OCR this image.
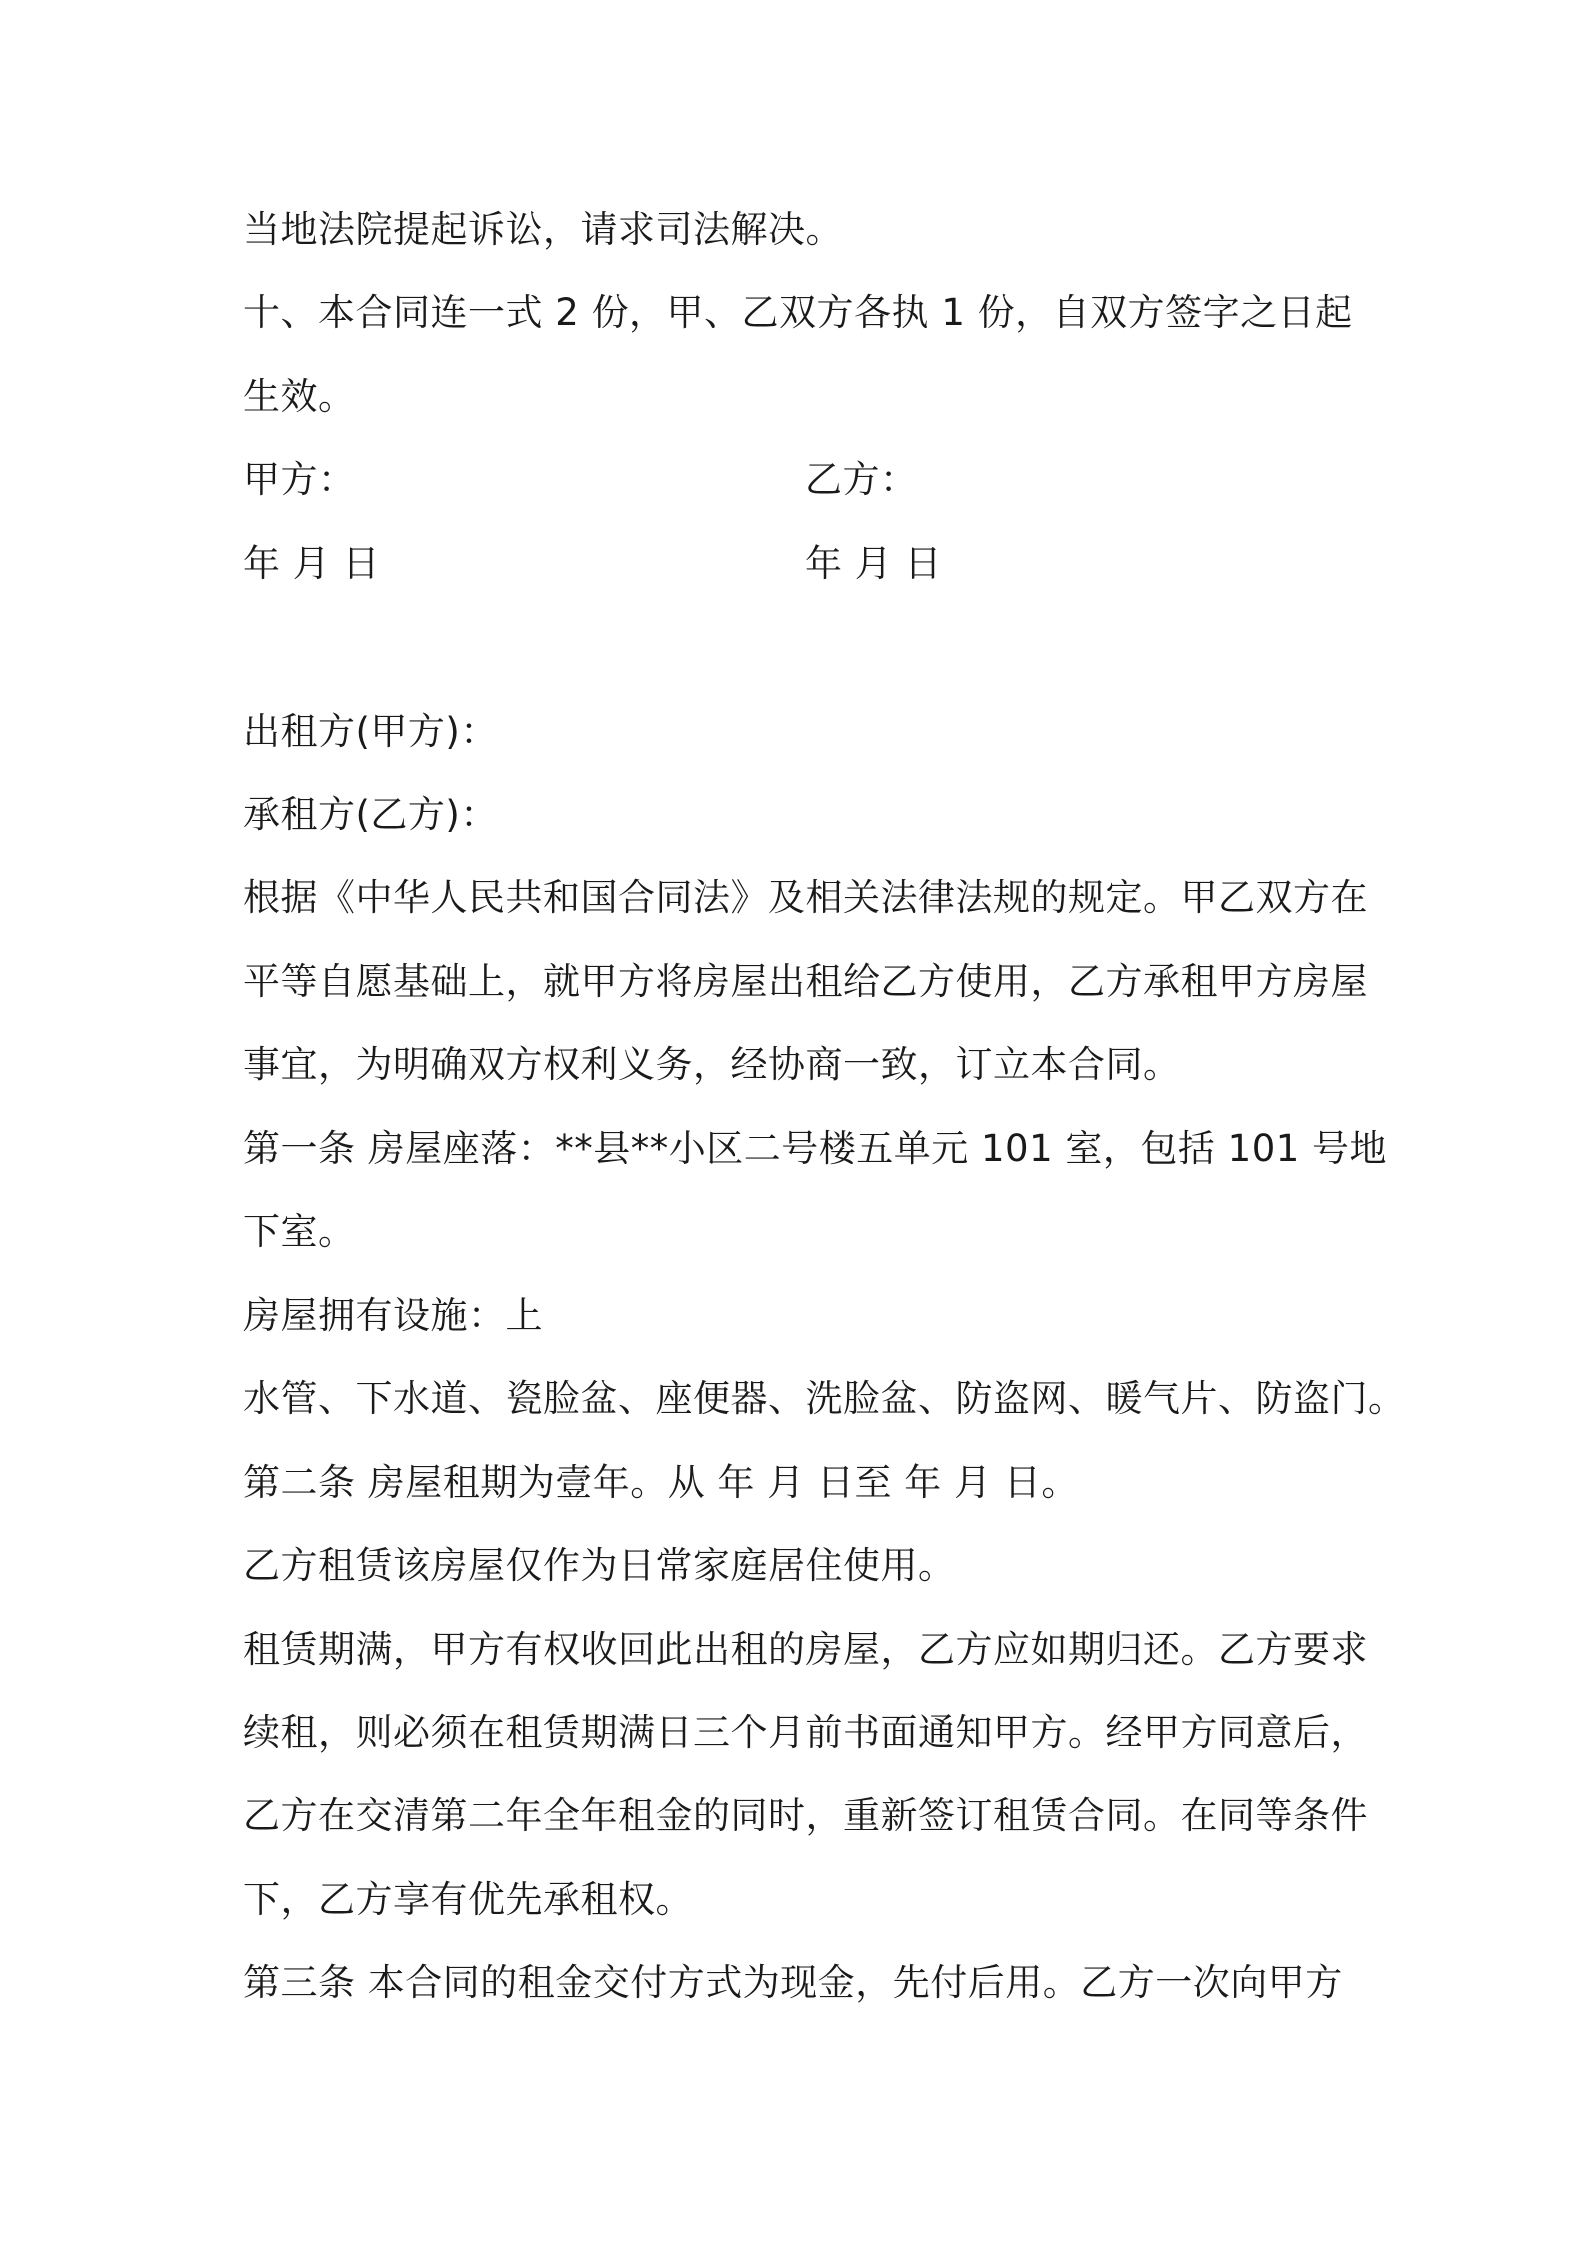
当地法院提起诉讼，请求司法解决。
十、本合同连一式 2 份，甲、乙双方各执 1 份，自双方签字之日起
生效。
甲方：	乙方：
年 月 日	年 月 日
出租方(甲方)：
承租方(乙方)：
根据《中华人民共和国合同法》及相关法律法规的规定。甲乙双方在
平等自愿基础上，就甲方将房屋出租给乙方使用，乙方承租甲方房屋
事宜，为明确双方权利义务，经协商一致，订立本合同。
第一条 房屋座落：**县**小区二号楼五单元 101 室，包括 101 号地
下室。
房屋拥有设施：上
水管、下水道、瓷脸盆、座便器、洗脸盆、防盗网、暖气片、防盗门。
第二条 房屋租期为壹年。从 年 月 日至 年 月 日。
乙方租赁该房屋仅作为日常家庭居住使用。
租赁期满，甲方有权收回此出租的房屋，乙方应如期归还。乙方要求
续租，则必须在租赁期满日三个月前书面通知甲方。经甲方同意后，
乙方在交清第二年全年租金的同时，重新签订租赁合同。在同等条件
下，乙方享有优先承租权。
第三条 本合同的租金交付方式为现金，先付后用。乙方一次向甲方
